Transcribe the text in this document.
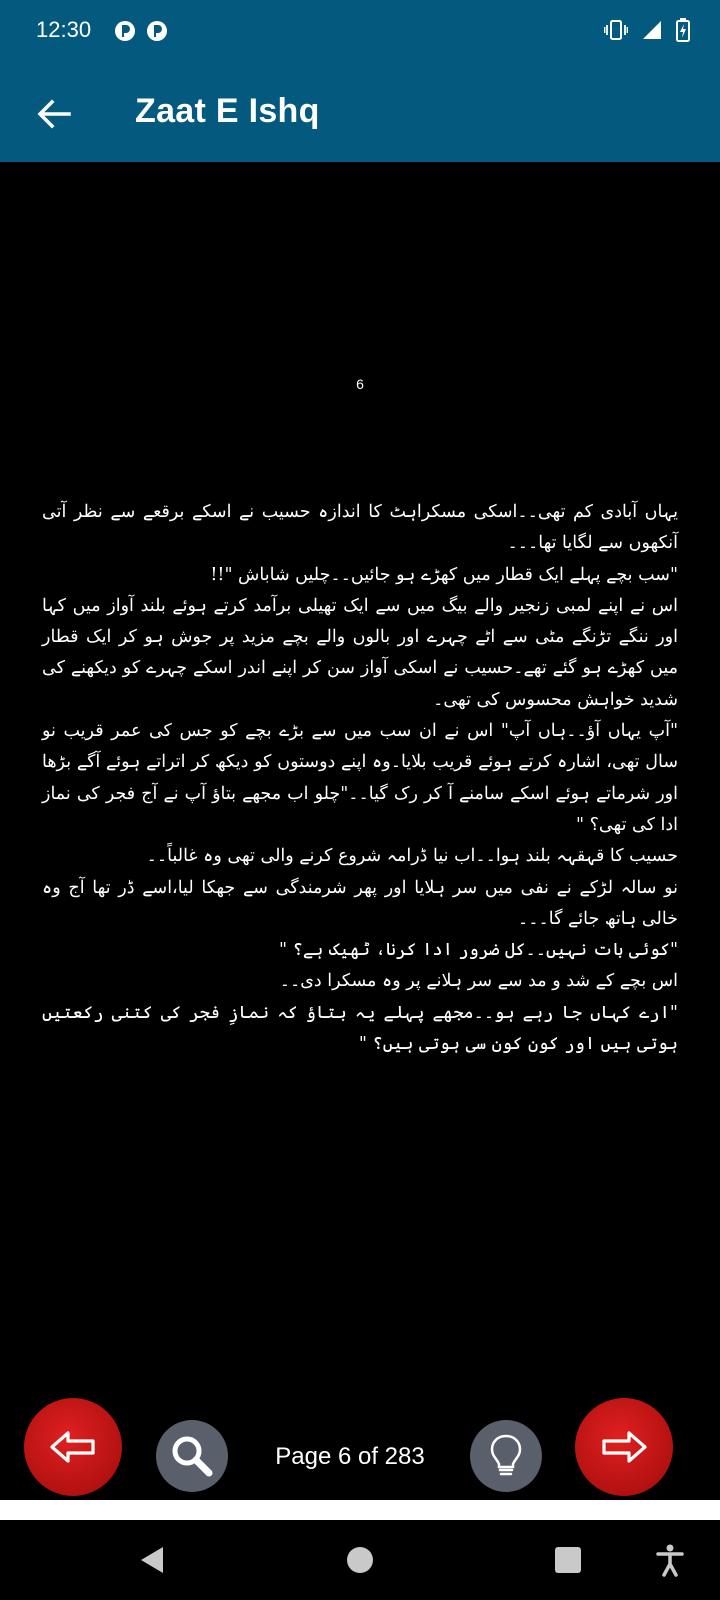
12:30
Zaat E Ishq
6

یہاں آبادی کم تھی۔۔اسکی مسکراہٹ کا اندازہ حسیب نے اسکے برقعے سے نظر آتی آنکھوں سے لگایا تھا۔۔۔

"سب بچے پہلے ایک قطار میں کھڑے ہو جائیں۔۔چلیں شاباش "!!

اس نے اپنے لمبی زنجیر والے بیگ میں سے ایک تھیلی برآمد کرتے ہوئے بلند آواز میں کہا اور ننگے تڑنگے مٹی سے اٹے چہرے اور بالوں والے بچے مزید پر جوش ہو کر ایک قطار میں کھڑے ہو گئے تھے۔حسیب نے اسکی آواز سن کر اپنے اندر اسکے چہرے کو دیکھنے کی شدید خواہش محسوس کی تھی۔

"آپ یہاں آؤ۔۔ہاں آپ" اس نے ان سب میں سے بڑے بچے کو جس کی عمر قریب نو سال تھی، اشارہ کرتے ہوئے قریب بلایا۔وہ اپنے دوستوں کو دیکھ کر اتراتے ہوئے آگے بڑھا اور شرماتے ہوئے اسکے سامنے آ کر رک گیا۔۔"چلو اب مجھے بتاؤ آپ نے آج فجر کی نماز ادا کی تھی؟ "

حسیب کا قہقہہ بلند ہوا۔۔اب نیا ڈرامہ شروع کرنے والی تھی وہ غالباً۔۔

نو سالہ لڑکے نے نفی میں سر ہلایا اور پھر شرمندگی سے جھکا لیا،اسے ڈر تھا آج وہ خالی ہاتھ جائے گا۔۔۔

"کوئی بات نہیں۔۔کل ضرور ادا کرنا، ٹھیک ہے؟ "

اس بچے کے شد و مد سے سر ہلانے پر وہ مسکرا دی۔۔

"ارے کہاں جا رہے ہو۔۔مجھے پہلے یہ بتاؤ کہ نمازِ فجر کی کتنی رکعتیں ہوتی ہیں اور کون کون سی ہوتی ہیں؟ "

Page 6 of 283
